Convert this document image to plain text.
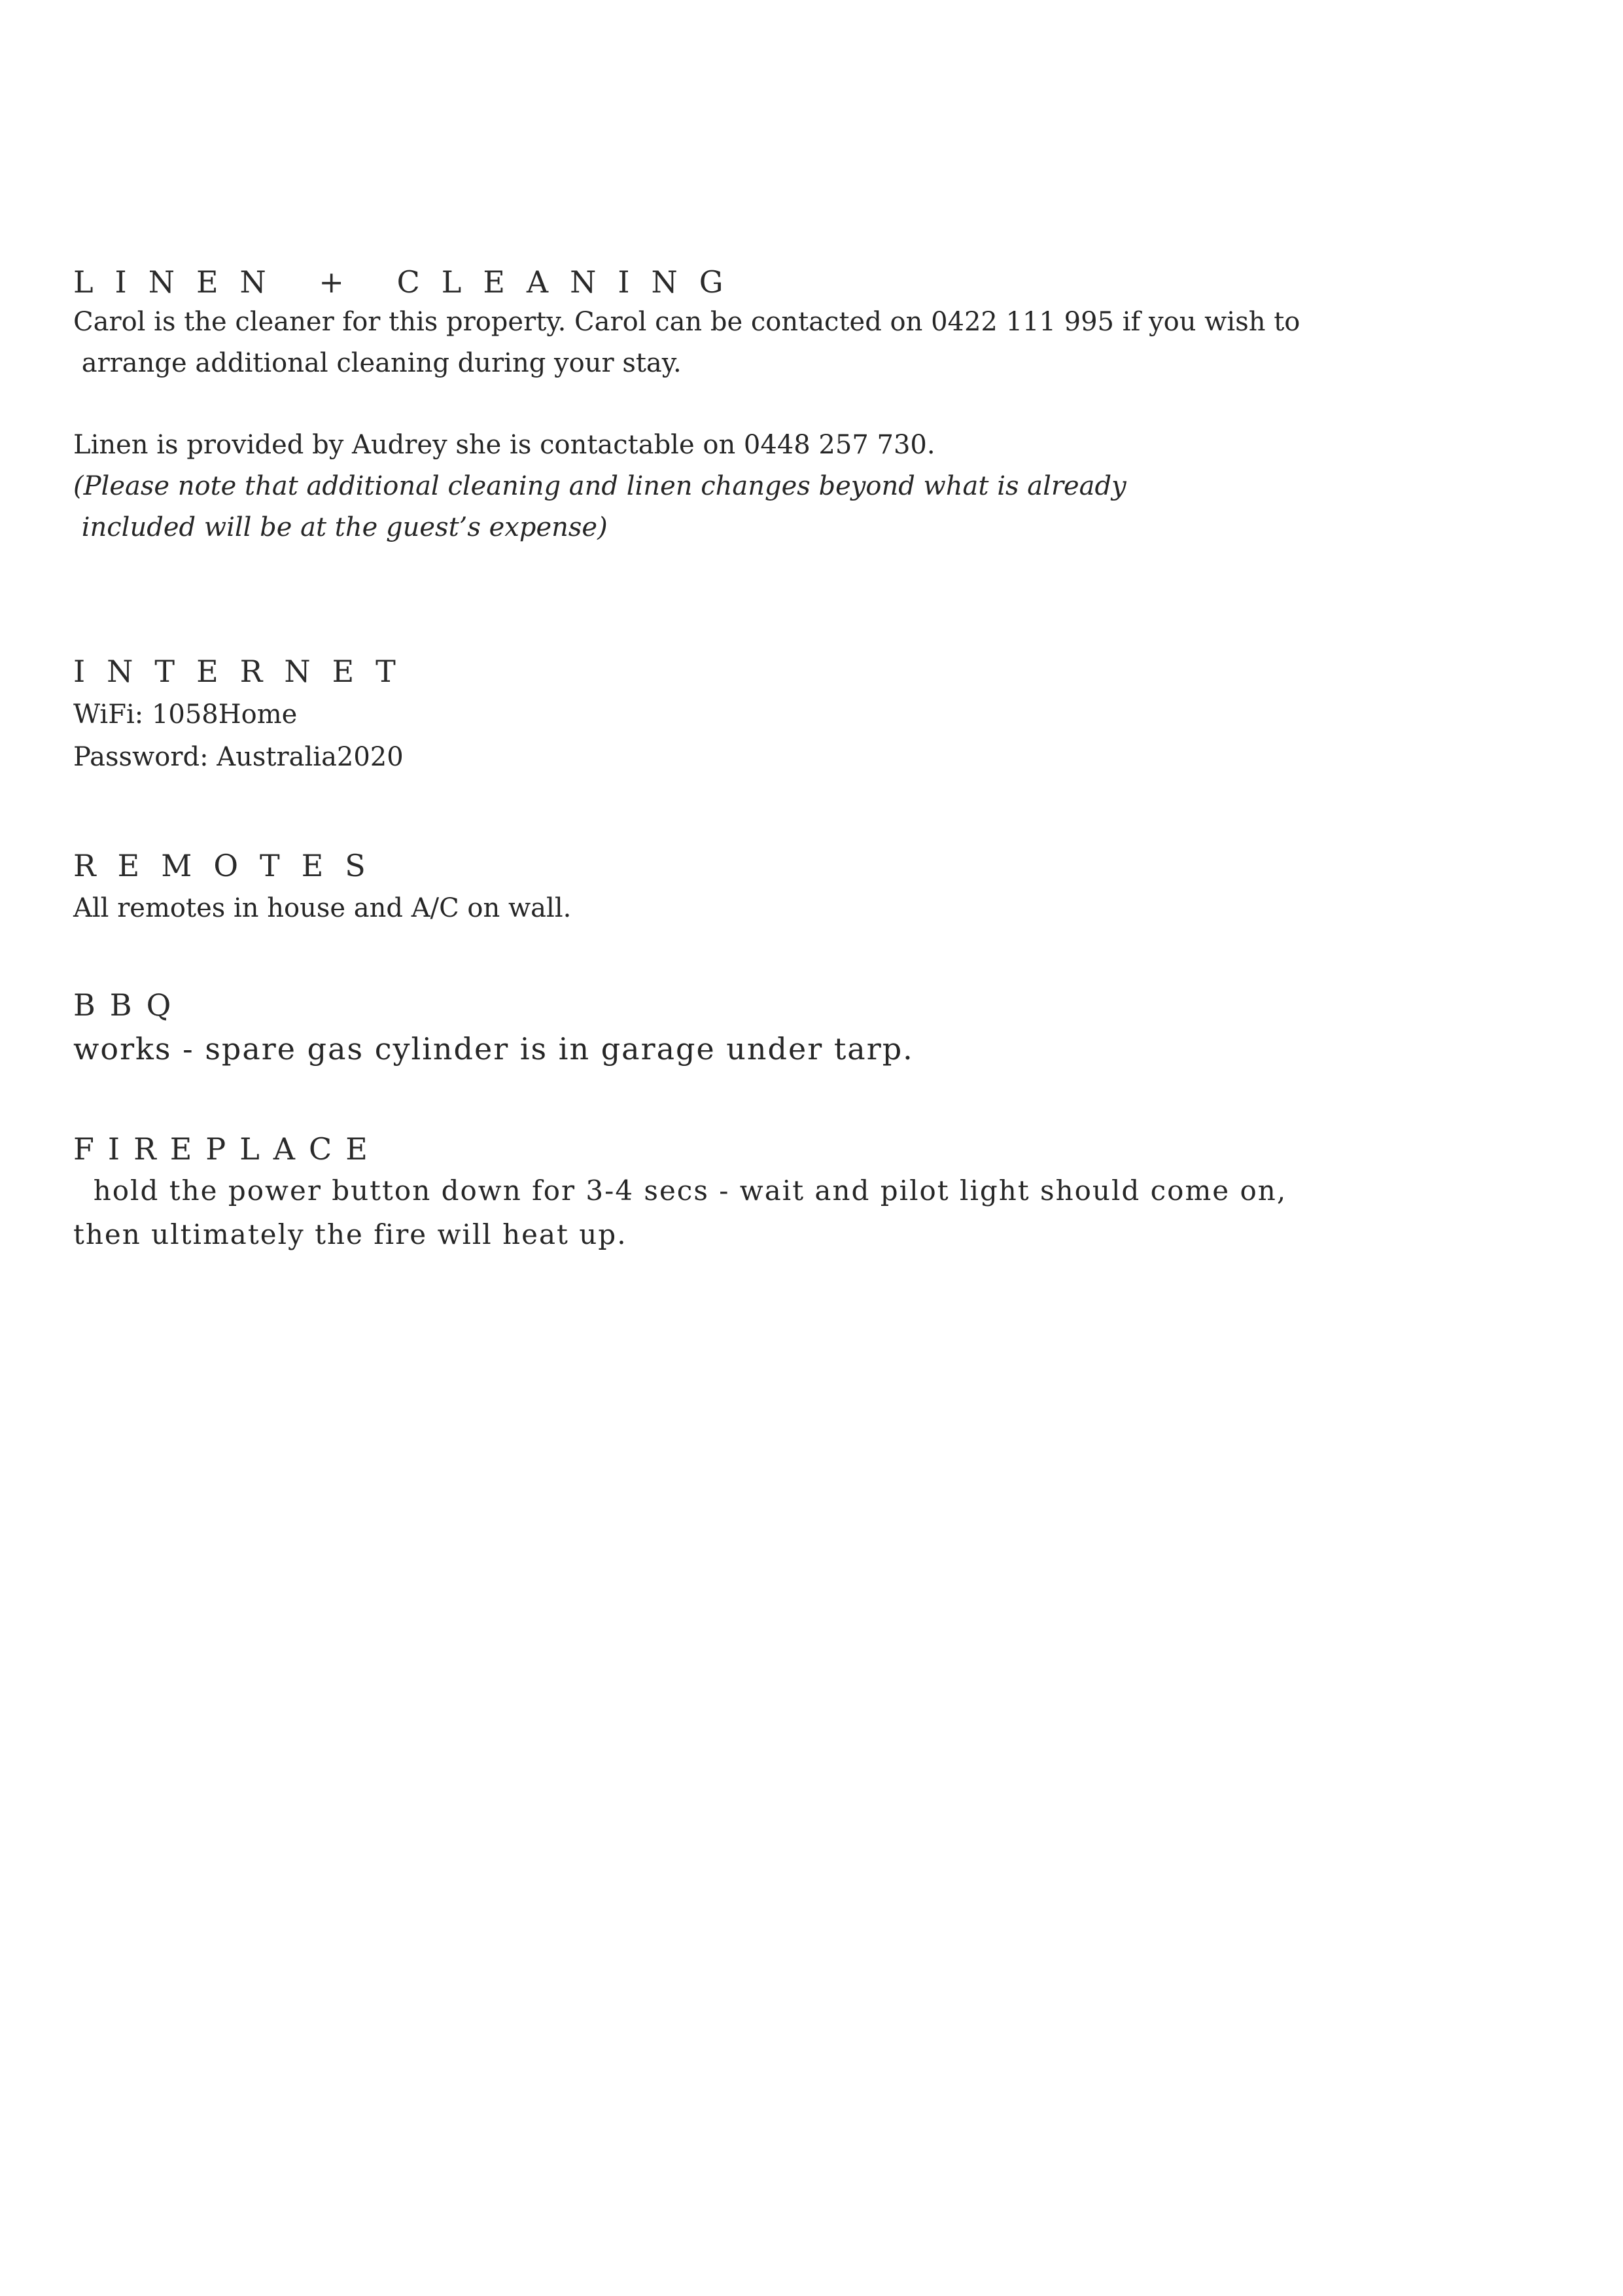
LINEN + CLEANING

Carol is the cleaner for this property. Carol can be contacted on 0422 111 995 if you wish to

arrange additional cleaning during your stay.

Linen is provided by Audrey she is contactable on 0448 257 730.

(Please note that additional cleaning and linen changes beyond what is already

included will be at the guest’s expense)

INTERNET

WiFi: 1058Home

Password: Australia2020

REMOTES

All remotes in house and A/C on wall.

BBQ

works - spare gas cylinder is in garage under tarp.

FIREPLACE

hold the power button down for 3-4 secs - wait and pilot light should come on,

then ultimately the fire will heat up.
